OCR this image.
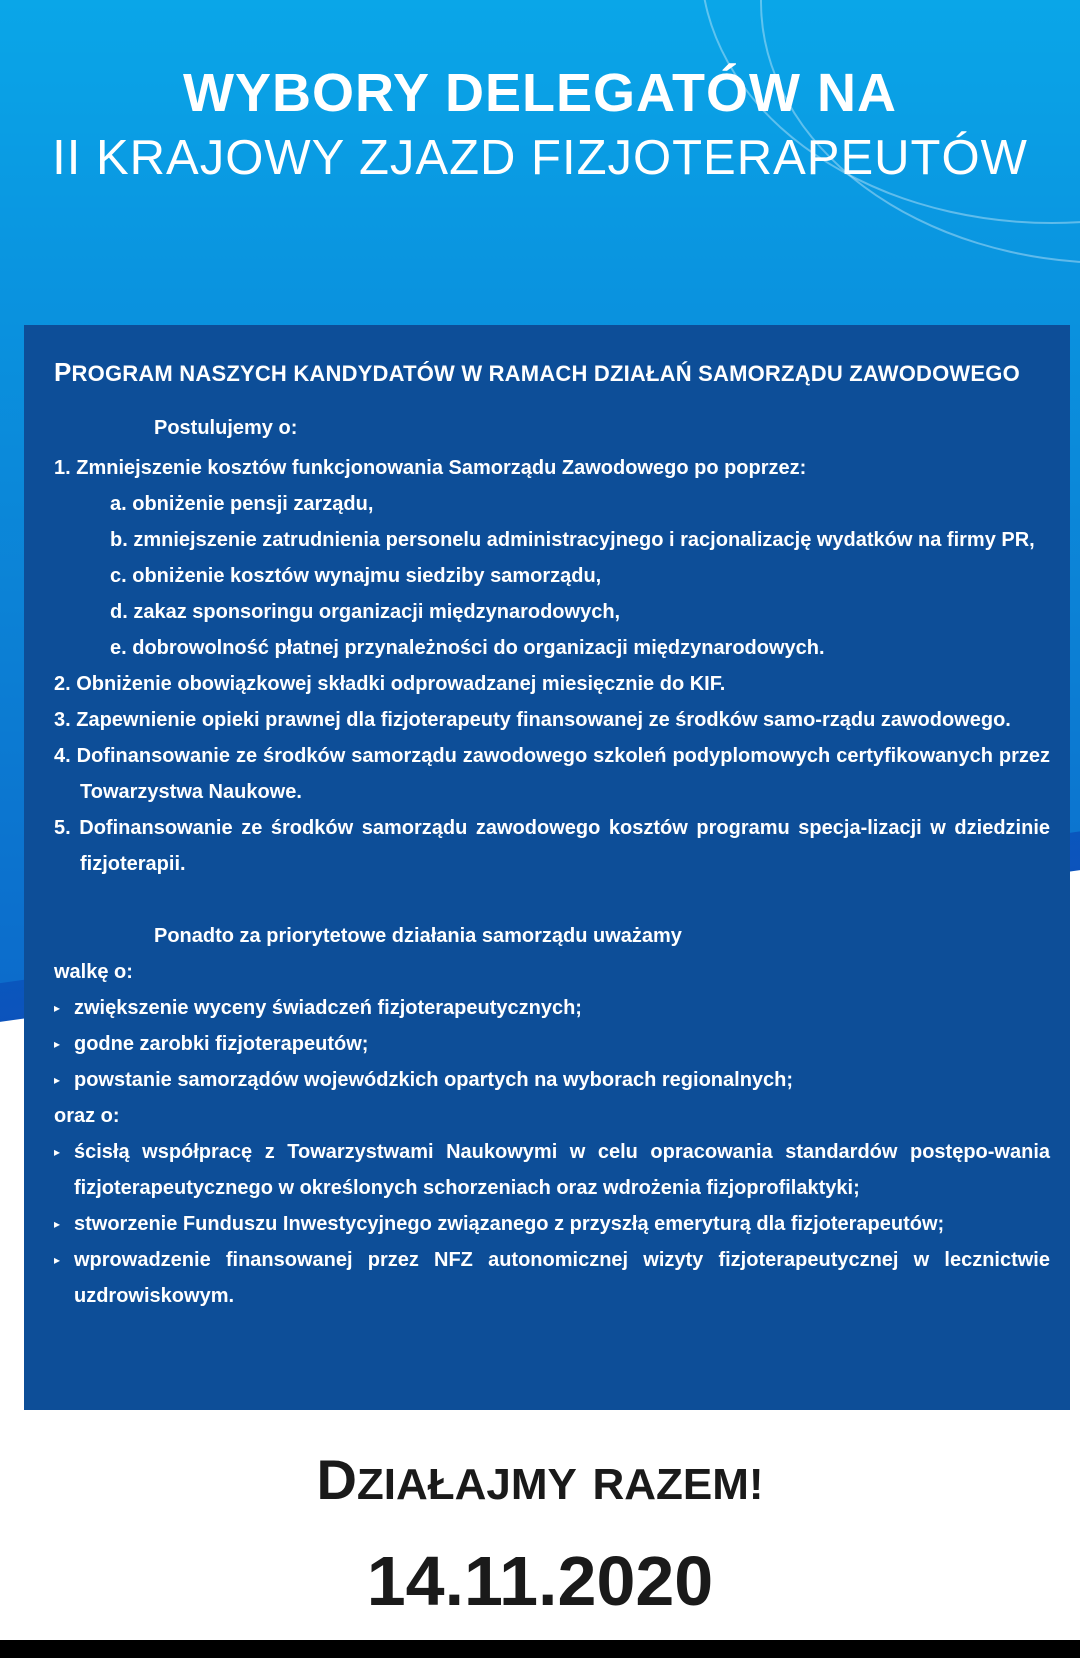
WYBORY DELEGATÓW NA
II KRAJOWY ZJAZD FIZJOTERAPEUTÓW
PROGRAM NASZYCH KANDYDATÓW W RAMACH DZIAŁAŃ SAMORZĄDU ZAWODOWEGO
Postulujemy o:
1. Zmniejszenie kosztów funkcjonowania Samorządu Zawodowego po poprzez:
a. obniżenie pensji zarządu,
b. zmniejszenie zatrudnienia personelu administracyjnego i racjonalizację wydatków na firmy PR,
c. obniżenie kosztów wynajmu siedziby samorządu,
d. zakaz sponsoringu organizacji międzynarodowych,
e. dobrowolność płatnej przynależności do organizacji międzynarodowych.
2. Obniżenie obowiązkowej składki odprowadzanej miesięcznie do KIF.
3. Zapewnienie opieki prawnej dla fizjoterapeuty finansowanej ze środków samo-rządu zawodowego.
4. Dofinansowanie ze środków samorządu zawodowego szkoleń podyplomowych certyfikowanych przez Towarzystwa Naukowe.
5. Dofinansowanie ze środków samorządu zawodowego kosztów programu specja-lizacji w dziedzinie fizjoterapii.
Ponadto za priorytetowe działania samorządu uważamy
walkę o:
▸ zwiększenie wyceny świadczeń fizjoterapeutycznych;
▸ godne zarobki fizjoterapeutów;
▸ powstanie samorządów wojewódzkich opartych na wyborach regionalnych;
oraz o:
▸ ścisłą współpracę z Towarzystwami Naukowymi w celu opracowania standardów postępo-wania fizjoterapeutycznego w określonych schorzeniach oraz wdrożenia fizjoprofilaktyki;
▸ stworzenie Funduszu Inwestycyjnego związanego z przyszłą emeryturą dla fizjoterapeutów;
▸ wprowadzenie finansowanej przez NFZ autonomicznej wizyty fizjoterapeutycznej w lecznictwie uzdrowiskowym.
DZIAŁAJMY RAZEM!
14.11.2020
